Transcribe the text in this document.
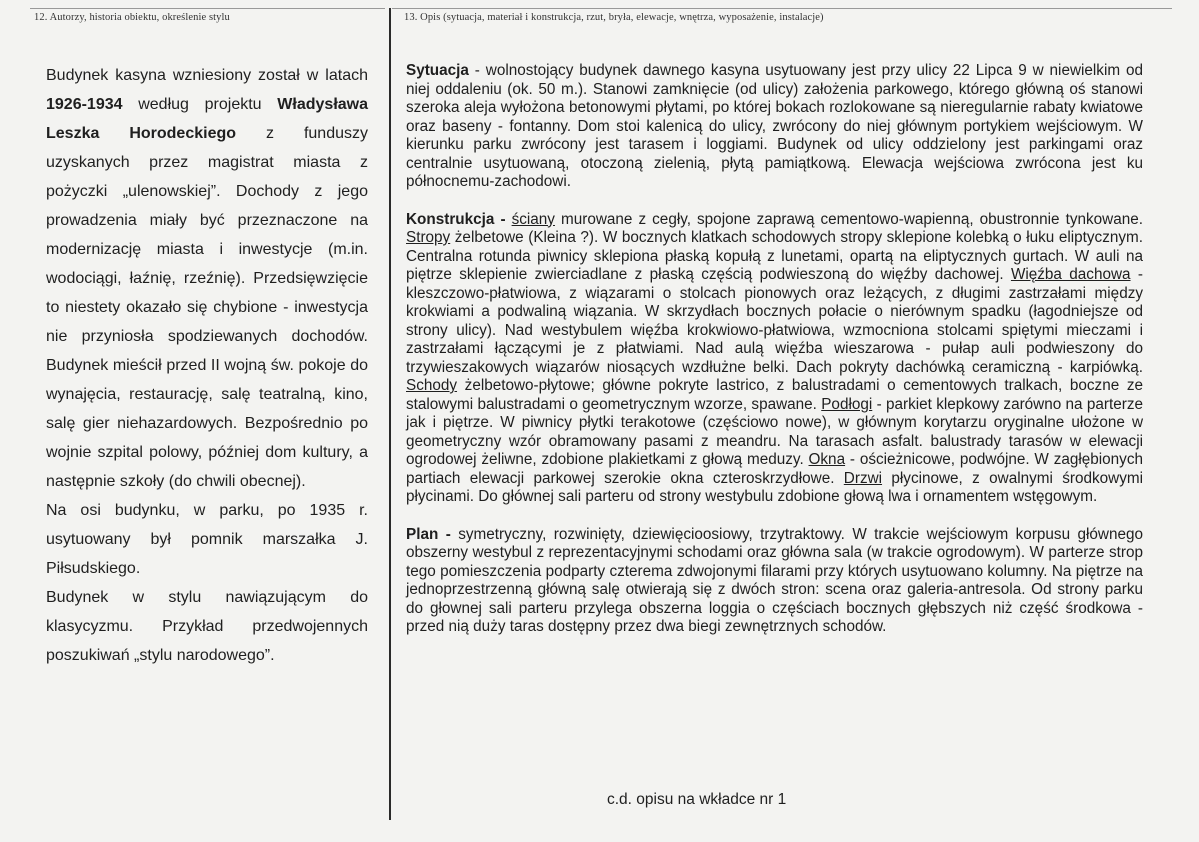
12. Autorzy, historia obiektu, określenie stylu	13. Opis (sytuacja, materiał i konstrukcja, rzut, bryła, elewacje, wnętrza, wyposażenie, instalacje)

Budynek kasyna wzniesiony został w latach 1926-1934 według projektu Władysława Leszka Horodeckiego z funduszy uzyskanych przez magistrat miasta z pożyczki „ulenowskiej”. Dochody z jego prowadzenia miały być przeznaczone na modernizację miasta i inwestycje (m.in. wodociągi, łaźnię, rzeźnię). Przedsięwzięcie to niestety okazało się chybione - inwestycja nie przyniosła spodziewanych dochodów. Budynek mieścił przed II wojną św. pokoje do wynajęcia, restaurację, salę teatralną, kino, salę gier niehazardowych. Bezpośrednio po wojnie szpital polowy, później dom kultury, a następnie szkoły (do chwili obecnej).

Na osi budynku, w parku, po 1935 r. usytuowany był pomnik marszałka J. Piłsudskiego.

Budynek w stylu nawiązującym do klasycyzmu. Przykład przedwojennych poszukiwań „stylu narodowego”.

Sytuacja - wolnostojący budynek dawnego kasyna usytuowany jest przy ulicy 22 Lipca 9 w niewielkim od niej oddaleniu (ok. 50 m.). Stanowi zamknięcie (od ulicy) założenia parkowego, którego główną oś stanowi szeroka aleja wyłożona betonowymi płytami, po której bokach rozlokowane są nieregularnie rabaty kwiatowe oraz baseny - fontanny. Dom stoi kalenicą do ulicy, zwrócony do niej głównym portykiem wejściowym. W kierunku parku zwrócony jest tarasem i loggiami. Budynek od ulicy oddzielony jest parkingami oraz centralnie usytuowaną, otoczoną zielenią, płytą pamiątkową. Elewacja wejściowa zwrócona jest ku północnemu-zachodowi.

Konstrukcja - ściany murowane z cegły, spojone zaprawą cementowo-wapienną, obustronnie tynkowane. Stropy żelbetowe (Kleina ?). W bocznych klatkach schodowych stropy sklepione kolebką o łuku eliptycznym. Centralna rotunda piwnicy sklepiona płaską kopułą z lunetami, opartą na eliptycznych gurtach. W auli na piętrze sklepienie zwierciadlane z płaską częścią podwieszoną do więźby dachowej. Więźba dachowa - kleszczowo-płatwiowa, z wiązarami o stolcach pionowych oraz leżących, z długimi zastrzałami między krokwiami a podwaliną wiązania. W skrzydłach bocznych połacie o nierównym spadku (łagodniejsze od strony ulicy). Nad westybulem więźba krokwiowo-płatwiowa, wzmocniona stolcami spiętymi mieczami i zastrzałami łączącymi je z płatwiami. Nad aulą więźba wieszarowa - pułap auli podwieszony do trzywieszakowych wiązarów niosących wzdłużne belki. Dach pokryty dachówką ceramiczną - karpiówką. Schody żelbetowo-płytowe; główne pokryte lastrico, z balustradami o cementowych tralkach, boczne ze stalowymi balustradami o geometrycznym wzorze, spawane. Podłogi - parkiet klepkowy zarówno na parterze jak i piętrze. W piwnicy płytki terakotowe (częściowo nowe), w głównym korytarzu oryginalne ułożone w geometryczny wzór obramowany pasami z meandru. Na tarasach asfalt. balustrady tarasów w elewacji ogrodowej żeliwne, zdobione plakietkami z głową meduzy. Okna - ościeżnicowe, podwójne. W zagłębionych partiach elewacji parkowej szerokie okna czteroskrzydłowe. Drzwi płycinowe, z owalnymi środkowymi płycinami. Do głównej sali parteru od strony westybulu zdobione głową lwa i ornamentem wstęgowym.

Plan - symetryczny, rozwinięty, dziewięcioosiowy, trzytraktowy. W trakcie wejściowym korpusu głównego obszerny westybul z reprezentacyjnymi schodami oraz główna sala (w trakcie ogrodowym). W parterze strop tego pomieszczenia podparty czterema zdwojonymi filarami przy których usytuowano kolumny. Na piętrze na jednoprzestrzenną główną salę otwierają się z dwóch stron: scena oraz galeria-antresola. Od strony parku do głownej sali parteru przylega obszerna loggia o częściach bocznych głębszych niż część środkowa - przed nią duży taras dostępny przez dwa biegi zewnętrznych schodów.

c.d. opisu na wkładce nr 1
